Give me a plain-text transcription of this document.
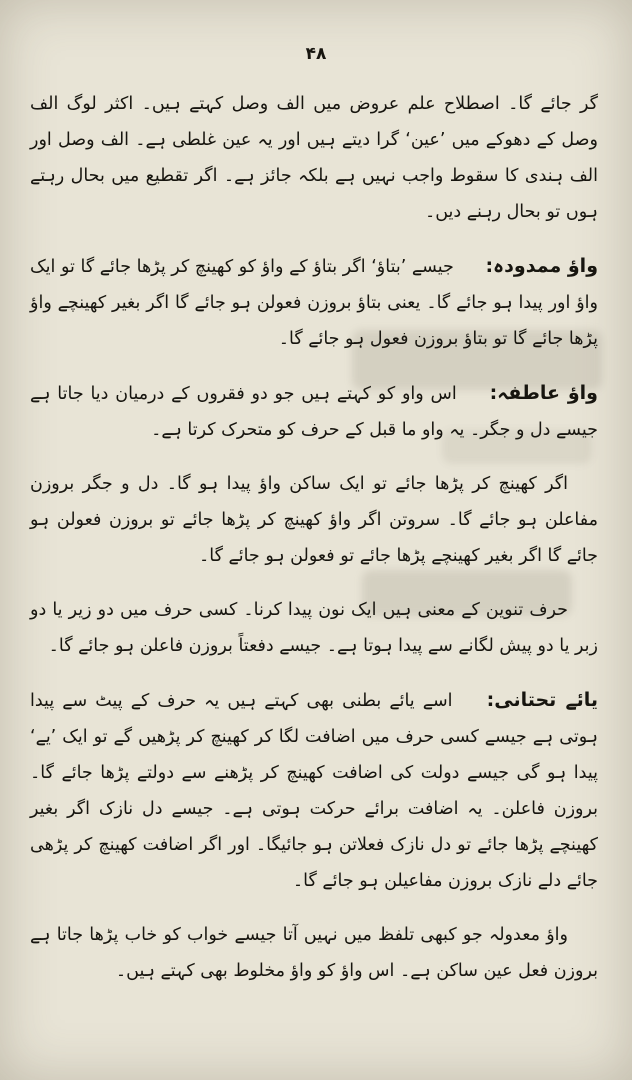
۴۸

گر جائے گا۔ اصطلاح علم عروض میں الف وصل کہتے ہیں۔ اکثر لوگ الف وصل کے دھوکے میں ’عین‘ گرا دیتے ہیں اور یہ عین غلطی ہے۔ الف وصل اور الف ہندی کا سقوط واجب نہیں ہے بلکہ جائز ہے۔ اگر تقطیع میں بحال رہتے ہوں تو بحال رہنے دیں۔

واؤ ممدودہ: جیسے ’بتاؤ‘ اگر بتاؤ کے واؤ کو کھینچ کر پڑھا جائے گا تو ایک واؤ اور پیدا ہو جائے گا۔ یعنی بتاؤ بروزن فعولن ہو جائے گا اگر بغیر کھینچے واؤ پڑھا جائے گا تو بتاؤ بروزن فعول ہو جائے گا۔

واؤ عاطفہ: اس واو کو کہتے ہیں جو دو فقروں کے درمیان دیا جاتا ہے جیسے دل و جگر۔ یہ واو ما قبل کے حرف کو متحرک کرتا ہے۔

اگر کھینچ کر پڑھا جائے تو ایک ساکن واؤ پیدا ہو گا۔ دل و جگر بروزن مفاعلن ہو جائے گا۔ سروتن اگر واؤ کھینچ کر پڑھا جائے تو بروزن فعولن ہو جائے گا اگر بغیر کھینچے پڑھا جائے تو فعولن ہو جائے گا۔

حرف تنوین کے معنی ہیں ایک نون پیدا کرنا۔ کسی حرف میں دو زیر یا دو زبر یا دو پیش لگانے سے پیدا ہوتا ہے۔ جیسے دفعتاً بروزن فاعلن ہو جائے گا۔

یائے تحتانی: اسے یائے بطنی بھی کہتے ہیں یہ حرف کے پیٹ سے پیدا ہوتی ہے جیسے کسی حرف میں اضافت لگا کر کھینچ کر پڑھیں گے تو ایک ’یے‘ پیدا ہو گی جیسے دولت کی اضافت کھینچ کر پڑھنے سے دولتے پڑھا جائے گا۔ بروزن فاعلن۔ یہ اضافت برائے حرکت ہوتی ہے۔ جیسے دل نازک اگر بغیر کھینچے پڑھا جائے تو دل نازک فعلاتن ہو جائیگا۔ اور اگر اضافت کھینچ کر پڑھی جائے دلے نازک بروزن مفاعیلن ہو جائے گا۔

واؤ معدولہ جو کبھی تلفظ میں نہیں آتا جیسے خواب کو خاب پڑھا جاتا ہے بروزن فعل عین ساکن ہے۔ اس واؤ کو واؤ مخلوط بھی کہتے ہیں۔
